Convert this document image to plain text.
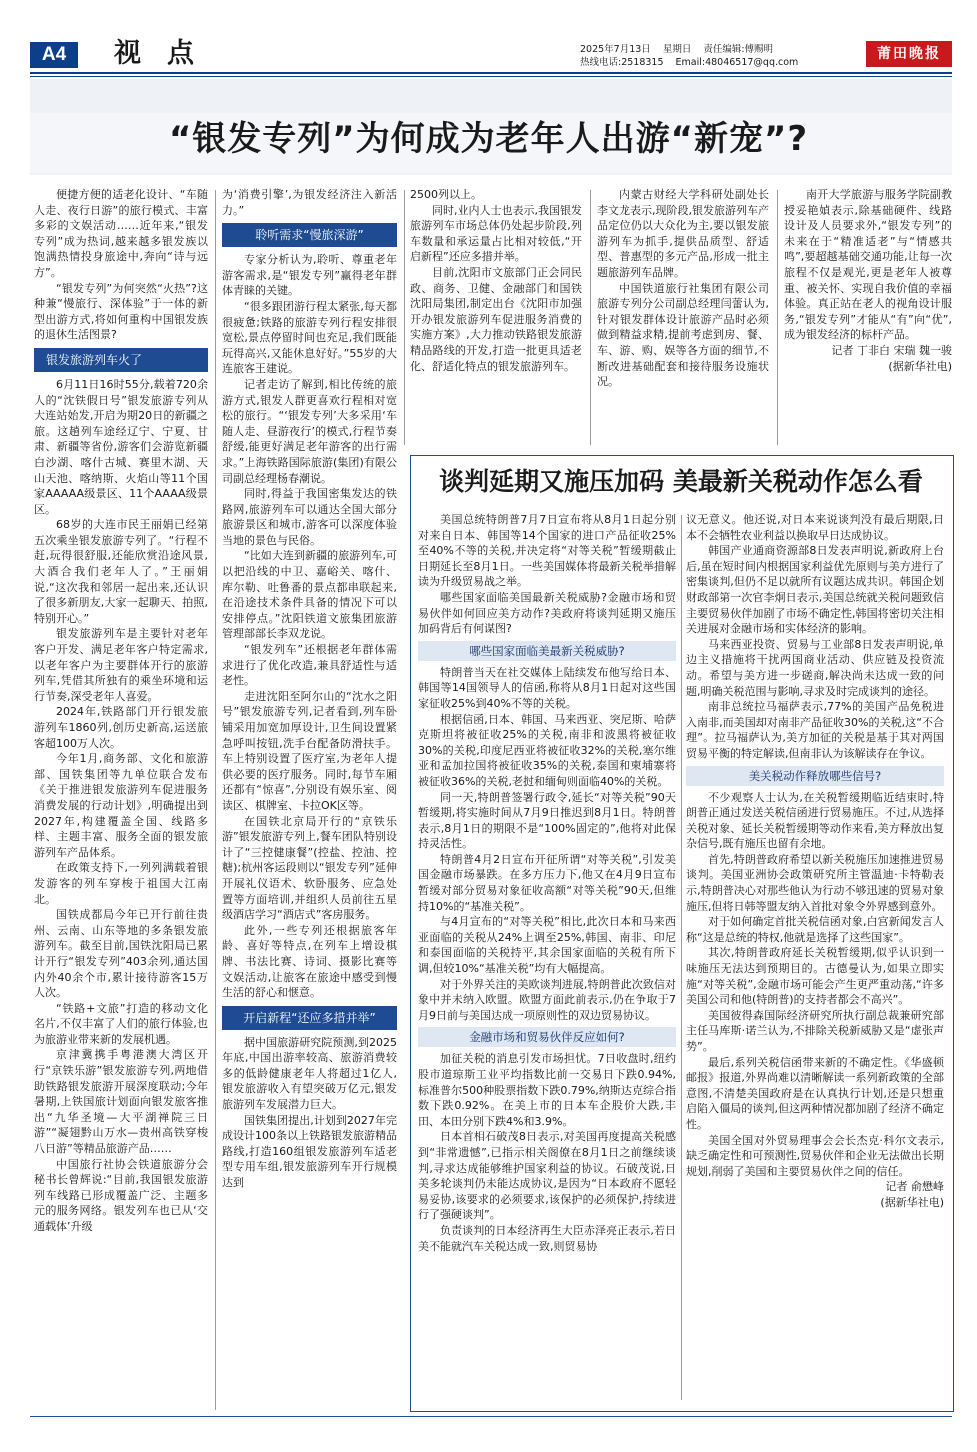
A4	视点	2025年7月13日 星期日 责任编辑:傅赐明
热线电话:2518315 Email:48046517@qq.com
莆田晚报
“银发专列”为何成为老年人出游“新宠”?

便捷方便的适老化设计、“车随人走、夜行日游”的旅行模式、丰富多彩的文娱活动……近年来,“银发专列”成为热词,越来越多银发族以饱满热情投身旅途中,奔向“诗与远方”。

“银发专列”为何突然“火热”?这种兼“慢旅行、深体验”于一体的新型出游方式,将如何重构中国银发族的退休生活图景?

银发旅游列车火了

6月11日16时55分,载着720余人的“沈铁假日号”银发旅游专列从大连站始发,开启为期20日的新疆之旅。这趟列车途经辽宁、宁夏、甘肃、新疆等省份,游客们会游览新疆白沙湖、喀什古城、赛里木湖、天山天池、喀纳斯、火焰山等11个国家AAAAA级景区、11个AAAA级景区。

68岁的大连市民王丽娟已经第五次乘坐银发旅游专列了。“行程不赶,玩得很舒服,还能欣赏沿途风景,大酒合我们老年人了。”王丽娟说,“这次我和邻居一起出来,还认识了很多新朋友,大家一起聊天、拍照,特别开心。”

银发旅游列车是主要针对老年客户开发、满足老年客户特定需求,以老年客户为主要群体开行的旅游列车,凭借其所独有的乘坐环境和运行节奏,深受老年人喜爱。

2024年,铁路部门开行银发旅游列车1860列,创历史新高,运送旅客超100万人次。

今年1月,商务部、文化和旅游部、国铁集团等九单位联合发布《关于推进银发旅游列车促进服务消费发展的行动计划》,明确提出到2027年,构建覆盖全国、线路多样、主题丰富、服务全面的银发旅游列车产品体系。

在政策支持下,一列列满载着银发游客的列车穿梭于祖国大江南北。

国铁成都局今年已开行前往贵州、云南、山东等地的多条银发旅游列车。截至目前,国铁沈阳局已累计开行“银发专列”403余列,通达国内外40余个市,累计接待游客15万人次。

“铁路+文旅”打造的移动文化名片,不仅丰富了人们的旅行体验,也为旅游业带来新的发展机遇。

京津冀携手粤港澳大湾区开行“京铁乐游”银发旅游专列,两地借助铁路银发旅游开展深度联动;今年暑期,上铁国旅计划面向银发旅客推出“九华圣境—大平湖禅院三日游”“凝翅黔山万水—贵州高铁穿梭八日游”等精品旅游产品……

中国旅行社协会铁道旅游分会秘书长曾辉说:“目前,我国银发旅游列车线路已形成覆盖广泛、主题多元的服务网络。银发列车也已从‘交通载体’升级

为‘消费引擎’,为银发经济注入新活力。”

聆听需求“慢旅深游”

专家分析认为,聆听、尊重老年游客需求,是“银发专列”赢得老年群体青睐的关键。

“很多跟团游行程太紧张,每天都很疲惫;铁路的旅游专列行程安排很宽松,景点停留时间也充足,我们既能玩得高兴,又能休息好好。”55岁的大连旅客王建说。

记者走访了解到,相比传统的旅游方式,银发人群更喜欢行程相对宽松的旅行。“‘银发专列’大多采用‘车随人走、昼游夜行’的模式,行程节奏舒缓,能更好满足老年游客的出行需求。”上海铁路国际旅游(集团)有限公司副总经理杨春潮说。

同时,得益于我国密集发达的铁路网,旅游列车可以通达全国大部分旅游景区和城市,游客可以深度体验当地的景色与民俗。

“比如大连到新疆的旅游列车,可以把沿线的中卫、嘉峪关、喀什、库尔勒、吐鲁番的景点都串联起来,在沿途技术条件具备的情况下可以安排停点。”沈阳铁道文旅集团旅游管理部部长李双龙说。

“银发列车”还根据老年群体需求进行了优化改造,兼具舒适性与适老性。

走进沈阳至阿尔山的“沈水之阳号”银发旅游专列,记者看到,列车卧铺采用加宽加厚设计,卫生间设置紧急呼叫按钮,洗手台配备防滑扶手。车上特别设置了医疗室,为老年人提供必要的医疗服务。同时,每节车厢还都有“惊喜”,分别设有娱乐室、阅读区、棋牌室、卡拉OK区等。

在国铁北京局开行的“京铁乐游”银发旅游专列上,餐车团队特别设计了“三控健康餐”(控盐、控油、控糖);杭州客运段则以“银发专列”延伸开展礼仪语术、软卧服务、应急处置等方面培训,并组织人员前往五星级酒店学习“酒店式”客房服务。

此外,一些专列还根据旅客年龄、喜好等特点,在列车上增设棋牌、书法比赛、诗词、摄影比赛等文娱活动,让旅客在旅途中感受到慢生活的舒心和惬意。

开启新程“还应多措并举”

据中国旅游研究院预测,到2025年底,中国出游率较高、旅游消费较多的低龄健康老年人将超过1亿人,银发旅游收入有望突破万亿元,银发旅游列车发展潜力巨大。

国铁集团提出,计划到2027年完成设计100条以上铁路银发旅游精品路线,打造160组银发旅游列车适老型专用车组,银发旅游列车开行规模达到

2500列以上。

同时,业内人士也表示,我国银发旅游列车市场总体仍处起步阶段,列车数量和承运量占比相对较低,“开启新程”还应多措并举。

目前,沈阳市文旅部门正会同民政、商务、卫健、金融部门和国铁沈阳局集团,制定出台《沈阳市加强开办银发旅游列车促进服务消费的实施方案》,大力推动铁路银发旅游精品路线的开发,打造一批更具适老化、舒适化特点的银发旅游列车。

内蒙古财经大学科研处副处长李文龙表示,现阶段,银发旅游列车产品定位仍以大众化为主,要以银发旅游列车为抓手,提供品质型、舒适型、普惠型的多元产品,形成一批主题旅游列车品牌。

中国铁道旅行社集团有限公司旅游专列分公司副总经理闫蕾认为,针对银发群体设计旅游产品时必须做到精益求精,提前考虑到房、餐、车、游、购、娱等各方面的细节,不断改进基础配套和接待服务设施状况。

南开大学旅游与服务学院副教授妥艳媜表示,除基础硬件、线路设计及人员要求外,“银发专列”的未来在于“精准适老”与“情感共鸣”,要超越基础交通功能,让每一次旅程不仅是观光,更是老年人被尊重、被关怀、实现自我价值的幸福体验。真正站在老人的视角设计服务,“银发专列”才能从“有”向“优”,成为银发经济的标杆产品。

记者 丁非白 宋瑞 魏一骏

(据新华社电)

谈判延期又施压加码 美最新关税动作怎么看

美国总统特朗普7月7日宣布将从8月1日起分别对来自日本、韩国等14个国家的进口产品征收25%至40%不等的关税,并决定将“对等关税”暂缓期截止日期延长至8月1日。一些美国媒体将最新关税举措解读为升级贸易战之举。

哪些国家面临美国最新关税威胁?金融市场和贸易伙伴如何回应美方动作?美政府将谈判延期又施压加码背后有何谋图?

哪些国家面临美最新关税威胁?

特朗普当天在社交媒体上陆续发布他写给日本、韩国等14国领导人的信函,称将从8月1日起对这些国家征收25%到40%不等的关税。

根据信函,日本、韩国、马来西亚、突尼斯、哈萨克斯坦将被征收25%的关税,南非和波黑将被征收30%的关税,印度尼西亚将被征收32%的关税,塞尔维亚和孟加拉国将被征收35%的关税,泰国和柬埔寨将被征收36%的关税,老挝和缅甸则面临40%的关税。

同一天,特朗普签署行政令,延长“对等关税”90天暂缓期,将实施时间从7月9日推迟到8月1日。特朗普表示,8月1日的期限不是“100%固定的”,他将对此保持灵活性。

特朗普4月2日宣布开征所谓“对等关税”,引发美国金融市场暴跌。在多方压力下,他又在4月9日宣布暂缓对部分贸易对象征收高额“对等关税”90天,但维持10%的“基准关税”。

与4月宣布的“对等关税”相比,此次日本和马来西亚面临的关税从24%上调至25%,韩国、南非、印尼和泰国面临的关税持平,其余国家面临的关税有所下调,但较10%“基准关税”均有大幅提高。

对于外界关注的美欧谈判进展,特朗普此次致信对象中并未纳入欧盟。欧盟方面此前表示,仍在争取于7月9日前与美国达成一项原则性的双边贸易协议。

金融市场和贸易伙伴反应如何?

加征关税的消息引发市场担忧。7日收盘时,纽约股市道琼斯工业平均指数比前一交易日下跌0.94%,标准普尔500种股票指数下跌0.79%,纳斯达克综合指数下跌0.92%。在美上市的日本车企股价大跌,丰田、本田分别下跌4%和3.9%。

日本首相石破茂8日表示,对美国再度提高关税感到“非常遗憾”,已指示相关阁僚在8月1日之前继续谈判,寻求达成能够维护国家利益的协议。石破茂说,日美多轮谈判仍未能达成协议,是因为“日本政府不愿轻易妥协,该要求的必须要求,该保护的必须保护,持续进行了强硬谈判”。

负责谈判的日本经济再生大臣赤泽亮正表示,若日美不能就汽车关税达成一致,则贸易协

议无意义。他还说,对日本来说谈判没有最后期限,日本不会牺牲农业利益以换取早日达成协议。

韩国产业通商资源部8日发表声明说,新政府上台后,虽在短时间内根据国家利益优先原则与美方进行了密集谈判,但仍不足以就所有议题达成共识。韩国企划财政部第一次官李炯日表示,美国总统就关税问题致信主要贸易伙伴加剧了市场不确定性,韩国将密切关注相关进展对金融市场和实体经济的影响。

马来西亚投资、贸易与工业部8日发表声明说,单边主义措施将干扰两国商业活动、供应链及投资流动。希望与美方进一步磋商,解决尚未达成一致的问题,明确关税范围与影响,寻求及时完成谈判的途径。

南非总统拉马福萨表示,77%的美国产品免税进入南非,而美国却对南非产品征收30%的关税,这“不合理”。拉马福萨认为,美方加征的关税是基于其对两国贸易平衡的特定解读,但南非认为该解读存在争议。

美关税动作释放哪些信号?

不少观察人士认为,在关税暂缓期临近结束时,特朗普正通过发送关税信函进行贸易施压。不过,从选择关税对象、延长关税暂缓期等动作来看,美方释放出复杂信号,既有施压也留有余地。

首先,特朗普政府希望以新关税施压加速推进贸易谈判。美国亚洲协会政策研究所主管温迪·卡特勒表示,特朗普决心对那些他认为行动不够迅速的贸易对象施压,但将日韩等盟友纳入首批对象令外界感到意外。

对于如何确定首批关税信函对象,白宫新闻发言人称“这是总统的特权,他就是选择了这些国家”。

其次,特朗普政府延长关税暂缓期,似乎认识到一味施压无法达到预期目的。古德曼认为,如果立即实施“对等关税”,金融市场可能会产生更严重动荡,“许多美国公司和他(特朗普)的支持者都会不高兴”。

美国彼得森国际经济研究所执行副总裁兼研究部主任马库斯·诺兰认为,不排除关税新威胁又是“虚张声势”。

最后,系列关税信函带来新的不确定性。《华盛顿邮报》报道,外界尚难以清晰解读一系列新政策的全部意图,不清楚美国政府是在认真执行计划,还是只想重启陷入僵局的谈判,但这两种情况都加剧了经济不确定性。

美国全国对外贸易理事会会长杰克·科尔文表示,缺乏确定性和可预测性,贸易伙伴和企业无法做出长期规划,削弱了美国和主要贸易伙伴之间的信任。

记者 俞懋峰

(据新华社电)
